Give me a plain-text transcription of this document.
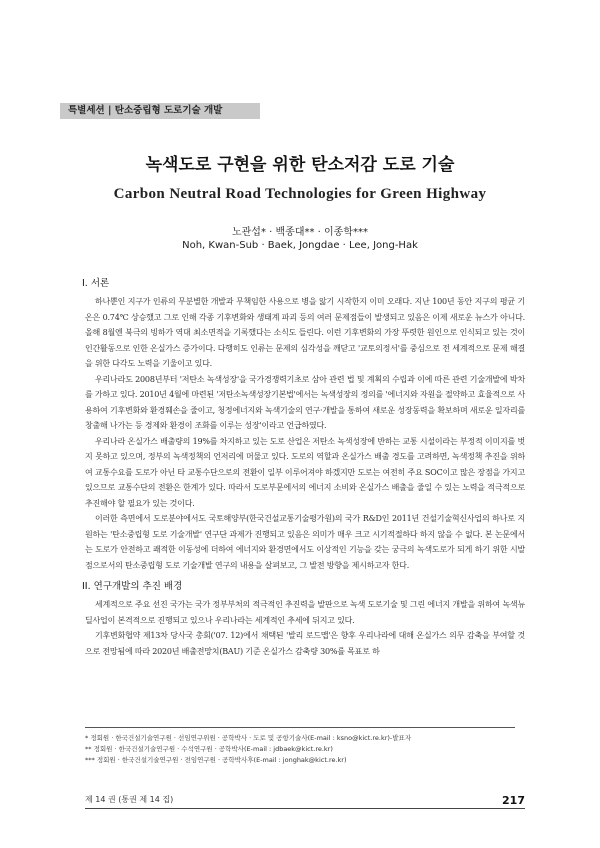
특별세션 | 탄소중립형 도로기술 개발
녹색도로 구현을 위한 탄소저감 도로 기술
Carbon Neutral Road Technologies for Green Highway
노관섭* · 백종대** · 이종학***
Noh, Kwan-Sub · Baek, Jongdae · Lee, Jong-Hak
I. 서론

하나뿐인 지구가 인류의 무분별한 개발과 무책임한 사용으로 병을 앓기 시작한지 이미 오래다. 지난 100년 동안 지구의 평균 기온은 0.74℃ 상승했고 그로 인해 각종 기후변화와 생태계 파괴 등의 여러 문제점들이 발생되고 있음은 이제 새로운 뉴스가 아니다. 올해 8월엔 북극의 빙하가 역대 최소면적을 기록했다는 소식도 들린다. 이런 기후변화의 가장 뚜렷한 원인으로 인식되고 있는 것이 인간활동으로 인한 온실가스 증가이다. 다행히도 인류는 문제의 심각성을 깨닫고 '교토의정서'를 중심으로 전 세계적으로 문제 해결을 위한 다각도 노력을 기울이고 있다.

우리나라도 2008년부터 '저탄소 녹색성장'을 국가경쟁력기초로 삼아 관련 법 및 계획의 수립과 이에 따른 관련 기술개발에 박차를 가하고 있다. 2010년 4월에 마련된 '저탄소녹색성장기본법'에서는 녹색성장의 정의를 '에너지와 자원을 절약하고 효율적으로 사용하여 기후변화와 환경훼손을 줄이고, 청정에너지와 녹색기술의 연구·개발을 통하여 새로운 성장동력을 확보하며 새로운 일자리를 창출해 나가는 등 경제와 환경이 조화를 이루는 성장'이라고 언급하였다.

우리나라 온실가스 배출량의 19%를 차지하고 있는 도로 산업은 저탄소 녹색성장에 반하는 교통 시설이라는 부정적 이미지를 벗지 못하고 있으며, 정부의 녹색정책의 언저리에 머물고 있다. 도로의 역할과 온실가스 배출 경도를 고려하면, 녹색정책 추진을 위하여 교통수요를 도로가 아닌 타 교통수단으로의 전환이 일부 이루어져야 하겠지만 도로는 여전히 주요 SOC이고 많은 장점을 가지고 있으므로 교통수단의 전환은 한계가 있다. 따라서 도로부문에서의 에너지 소비와 온실가스 배출을 줄일 수 있는 노력을 적극적으로 추진해야 할 필요가 있는 것이다.

이러한 측면에서 도로분야에서도 국토해양부(한국건설교통기술평가원)의 국가 R&D인 2011년 건설기술혁신사업의 하나로 지원하는 '탄소중립형 도로 기술개발' 연구단 과제가 진행되고 있음은 의미가 매우 크고 시기적절하다 하지 않을 수 없다. 본 논문에서는 도로가 안전하고 쾌적한 이동성에 더하여 에너지와 환경면에서도 이상적인 기능을 갖는 궁극의 녹색도로가 되게 하기 위한 시발점으로서의 탄소중립형 도로 기술개발 연구의 내용을 살펴보고, 그 발전 방향을 제시하고자 한다.

II. 연구개발의 추진 배경

세계적으로 주요 선진 국가는 국가 정부부처의 적극적인 추진력을 발판으로 녹색 도로기술 및 그린 에너지 개발을 위하여 녹색뉴딜사업이 본격적으로 진행되고 있으나 우리나라는 세계적인 추세에 뒤지고 있다.

기후변화협약 제13차 당사국 총회('07. 12)에서 채택된 '발리 로드맵'은 향후 우리나라에 대해 온실가스 의무 감축을 부여할 것으로 전망됨에 따라 2020년 배출전망치(BAU) 기준 온실가스 감축량 30%를 목표로 하

* 정회원 · 한국건설기술연구원 · 선임연구위원 · 공학박사 · 도로 및 공항기술사(E-mail : ksno@kict.re.kr)-발표자
** 정회원 · 한국건설기술연구원 · 수석연구원 · 공학박사(E-mail : jdbaek@kict.re.kr)
*** 정회원 · 한국건설기술연구원 · 전임연구원 · 공학박사후(E-mail : jonghak@kict.re.kr)
제 14 권 (통권 제 14 집)	217
